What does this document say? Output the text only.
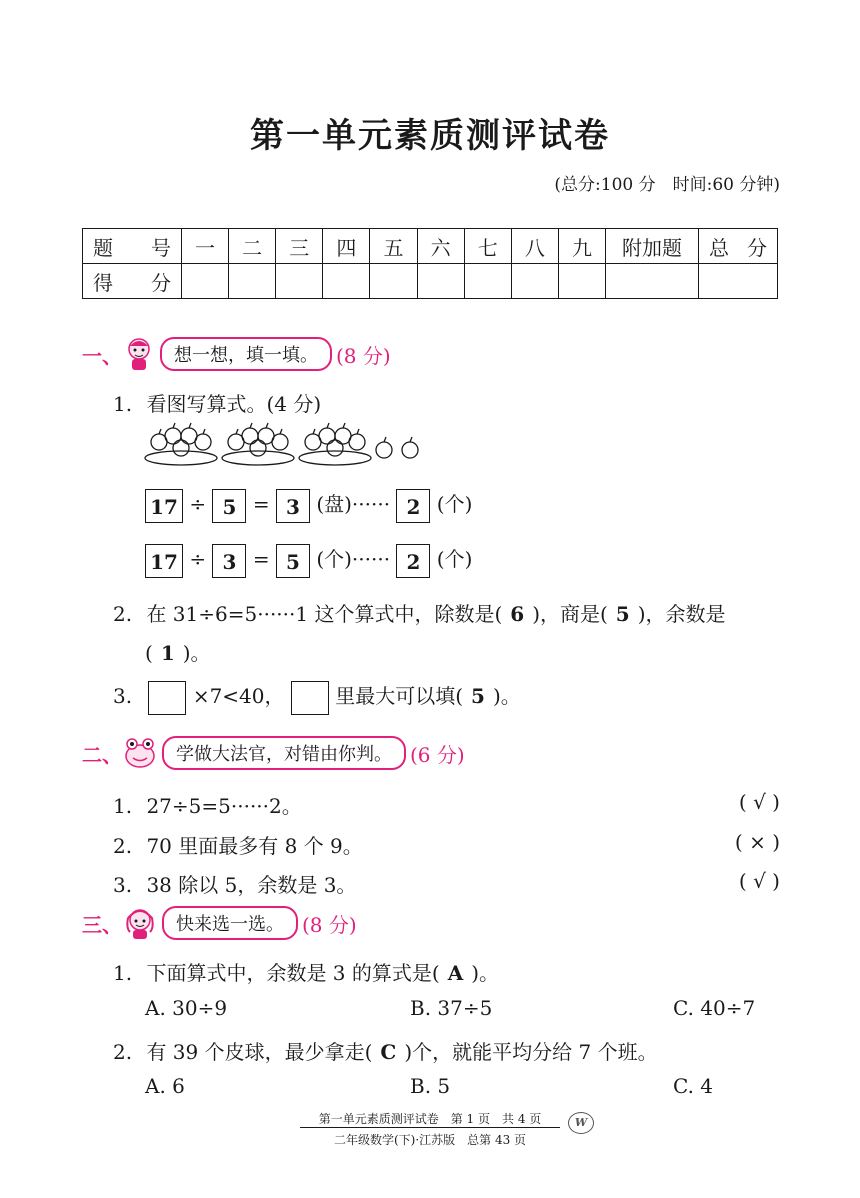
第一单元素质测评试卷
(总分:100 分　时间:60 分钟)
题号	一	二	三	四	五	六	七	八	九	附加题	总分
得分											
一、	想一想，填一填。 (8 分)
1. 看图写算式。(4 分)
17 ÷ 5 = 3 (盘)······ 2 (个)
17 ÷ 3 = 5 (个)······ 2 (个)
2. 在 31÷6=5······1 这个算式中，除数是( 6 )，商是( 5 )，余数是
( 1 )。
3.	×7<40，	里最大可以填( 5 )。
二、	学做大法官，对错由你判。 (6 分)
1. 27÷5=5······2。	( √ )
2. 70 里面最多有 8 个 9。	( × )
3. 38 除以 5，余数是 3。	( √ )
三、	快来选一选。 (8 分)
1. 下面算式中，余数是 3 的算式是( A )。
A. 30÷9	B. 37÷5	C. 40÷7
2. 有 39 个皮球，最少拿走( C )个，就能平均分给 7 个班。
A. 6	B. 5	C. 4
第一单元素质测评试卷　第 1 页　共 4 页
二年级数学(下)·江苏版　总第 43 页
W
